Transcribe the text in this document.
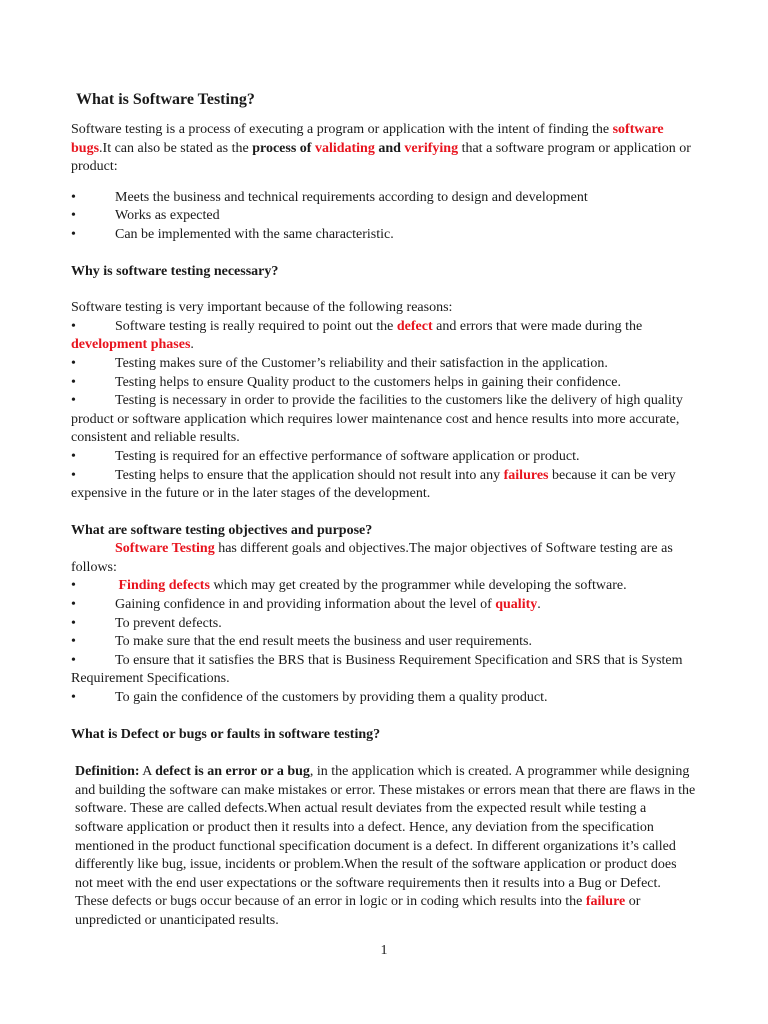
What is Software Testing?

Software testing is a process of executing a program or application with the intent of finding the software bugs.It can also be stated as the process of validating and verifying that a software program or application or product:

•	Meets the business and technical requirements according to design and development
•	Works as expected
•	Can be implemented with the same characteristic.

Why is software testing necessary?

Software testing is very important because of the following reasons:

•	Software testing is really required to point out the defect and errors that were made during the development phases.
•	Testing makes sure of the Customer’s reliability and their satisfaction in the application.
•	Testing helps to ensure Quality product to the customers helps in gaining their confidence.
•	Testing is necessary in order to provide the facilities to the customers like the delivery of high quality product or software application which requires lower maintenance cost and hence results into more accurate, consistent and reliable results.
•	Testing is required for an effective performance of software application or product.
•	Testing helps to ensure that the application should not result into any failures because it can be very expensive in the future or in the later stages of the development.

What are software testing objectives and purpose?

Software Testing has different goals and objectives.The major objectives of Software testing are as follows:

•	Finding defects which may get created by the programmer while developing the software.
•	Gaining confidence in and providing information about the level of quality.
•	To prevent defects.
•	To make sure that the end result meets the business and user requirements.
•	To ensure that it satisfies the BRS that is Business Requirement Specification and SRS that is System Requirement Specifications.
•	To gain the confidence of the customers by providing them a quality product.

What is Defect or bugs or faults in software testing?

Definition: A defect is an error or a bug, in the application which is created. A programmer while designing and building the software can make mistakes or error. These mistakes or errors mean that there are flaws in the software. These are called defects.When actual result deviates from the expected result while testing a software application or product then it results into a defect. Hence, any deviation from the specification mentioned in the product functional specification document is a defect. In different organizations it’s called differently like bug, issue, incidents or problem.When the result of the software application or product does not meet with the end user expectations or the software requirements then it results into a Bug or Defect. These defects or bugs occur because of an error in logic or in coding which results into the failure or unpredicted or unanticipated results.

1
